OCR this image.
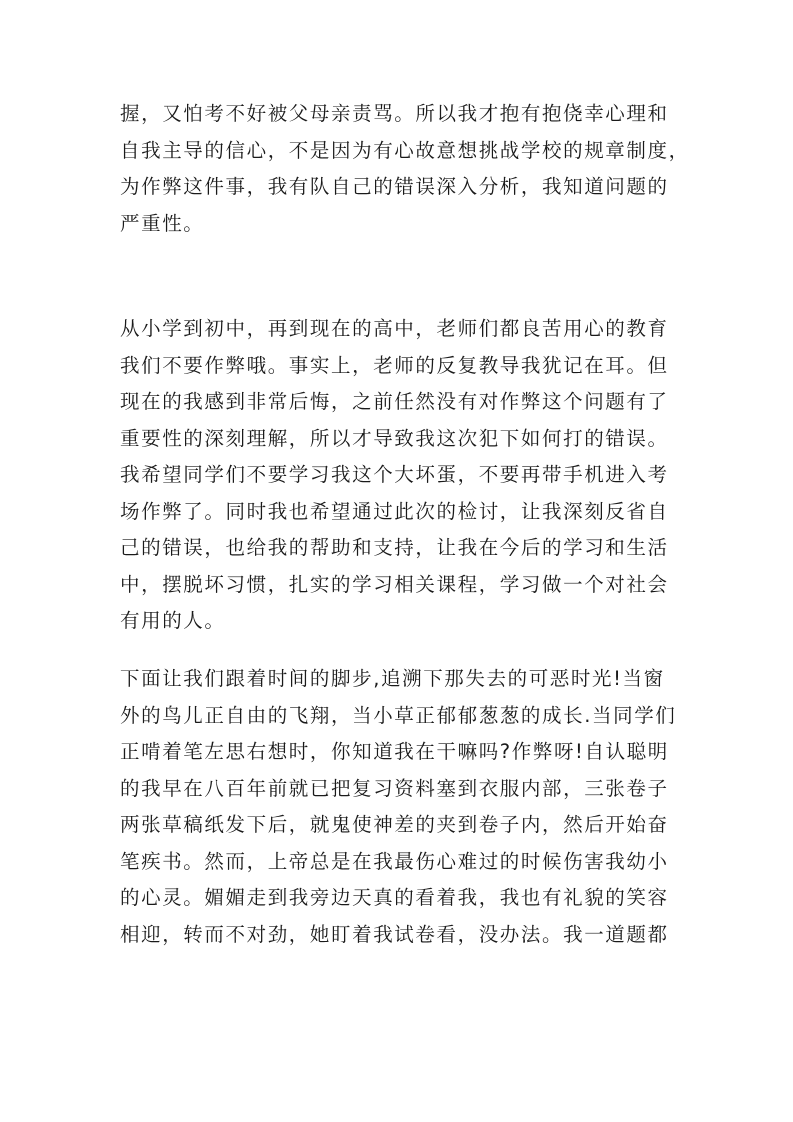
握，又怕考不好被父母亲责骂。所以我才抱有抱侥幸心理和
自我主导的信心，不是因为有心故意想挑战学校的规章制度，
为作弊这件事，我有队自己的错误深入分析，我知道问题的
严重性。
从小学到初中，再到现在的高中，老师们都良苦用心的教育
我们不要作弊哦。事实上，老师的反复教导我犹记在耳。但
现在的我感到非常后悔，之前任然没有对作弊这个问题有了
重要性的深刻理解，所以才导致我这次犯下如何打的错误。
我希望同学们不要学习我这个大坏蛋，不要再带手机进入考
场作弊了。同时我也希望通过此次的检讨，让我深刻反省自
己的错误，也给我的帮助和支持，让我在今后的学习和生活
中，摆脱坏习惯，扎实的学习相关课程，学习做一个对社会
有用的人。
下面让我们跟着时间的脚步,追溯下那失去的可恶时光!当窗
外的鸟儿正自由的飞翔，当小草正郁郁葱葱的成长.当同学们
正啃着笔左思右想时，你知道我在干嘛吗?作弊呀!自认聪明
的我早在八百年前就已把复习资料塞到衣服内部，三张卷子
两张草稿纸发下后，就鬼使神差的夹到卷子内，然后开始奋
笔疾书。然而，上帝总是在我最伤心难过的时候伤害我幼小
的心灵。媚媚走到我旁边天真的看着我，我也有礼貌的笑容
相迎，转而不对劲，她盯着我试卷看，没办法。我一道题都
